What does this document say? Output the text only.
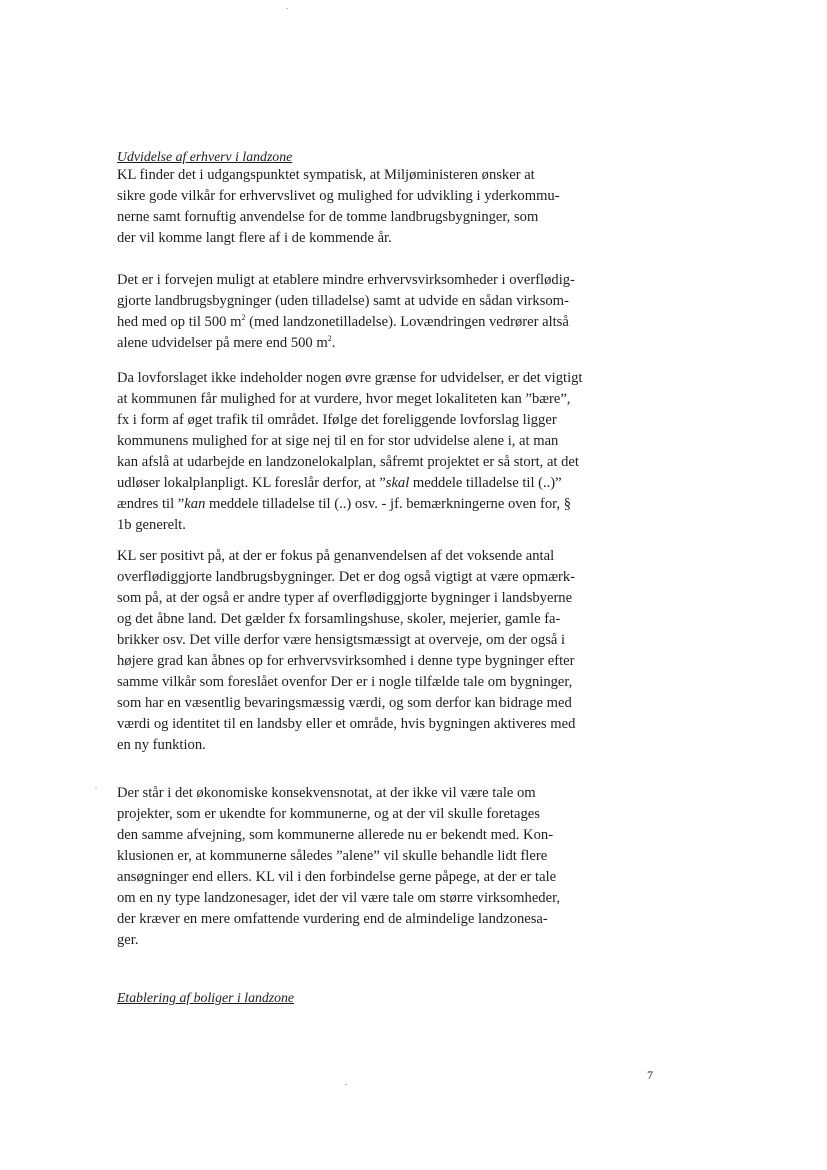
Udvidelse af erhverv i landzone
KL finder det i udgangspunktet sympatisk, at Miljøministeren ønsker at
sikre gode vilkår for erhvervslivet og mulighed for udvikling i yderkommu-
nerne samt fornuftig anvendelse for de tomme landbrugsbygninger, som
der vil komme langt flere af i de kommende år.
Det er i forvejen muligt at etablere mindre erhvervsvirksomheder i overflødig-
gjorte landbrugsbygninger (uden tilladelse) samt at udvide en sådan virksom-
hed med op til 500 $m^2$ (med landzonetilladelse). Lovændringen vedrører altså
alene udvidelser på mere end 500 $m^2$.
Da lovforslaget ikke indeholder nogen øvre grænse for udvidelser, er det vigtigt
at kommunen får mulighed for at vurdere, hvor meget lokaliteten kan ”bære”,
fx i form af øget trafik til området. Ifølge det foreliggende lovforslag ligger
kommunens mulighed for at sige nej til en for stor udvidelse alene i, at man
kan afslå at udarbejde en landzonelokalplan, såfremt projektet er så stort, at det
udløser lokalplanpligt. KL foreslår derfor, at ”skal meddele tilladelse til (..)”
ændres til ”kan meddele tilladelse til (..) osv. - jf. bemærkningerne oven for, §
1b generelt.
KL ser positivt på, at der er fokus på genanvendelsen af det voksende antal
overflødiggjorte landbrugsbygninger. Det er dog også vigtigt at være opmærk-
som på, at der også er andre typer af overflødiggjorte bygninger i landsbyerne
og det åbne land. Det gælder fx forsamlingshuse, skoler, mejerier, gamle fa-
brikker osv. Det ville derfor være hensigtsmæssigt at overveje, om der også i
højere grad kan åbnes op for erhvervsvirksomhed i denne type bygninger efter
samme vilkår som foreslået ovenfor Der er i nogle tilfælde tale om bygninger,
som har en væsentlig bevaringsmæssig værdi, og som derfor kan bidrage med
værdi og identitet til en landsby eller et område, hvis bygningen aktiveres med
en ny funktion.
Der står i det økonomiske konsekvensnotat, at der ikke vil være tale om
projekter, som er ukendte for kommunerne, og at der vil skulle foretages
den samme afvejning, som kommunerne allerede nu er bekendt med. Kon-
klusionen er, at kommunerne således ”alene” vil skulle behandle lidt flere
ansøgninger end ellers. KL vil i den forbindelse gerne påpege, at der er tale
om en ny type landzonesager, idet der vil være tale om større virksomheder,
der kræver en mere omfattende vurdering end de almindelige landzonesa-
ger.
Etablering af boliger i landzone
7
